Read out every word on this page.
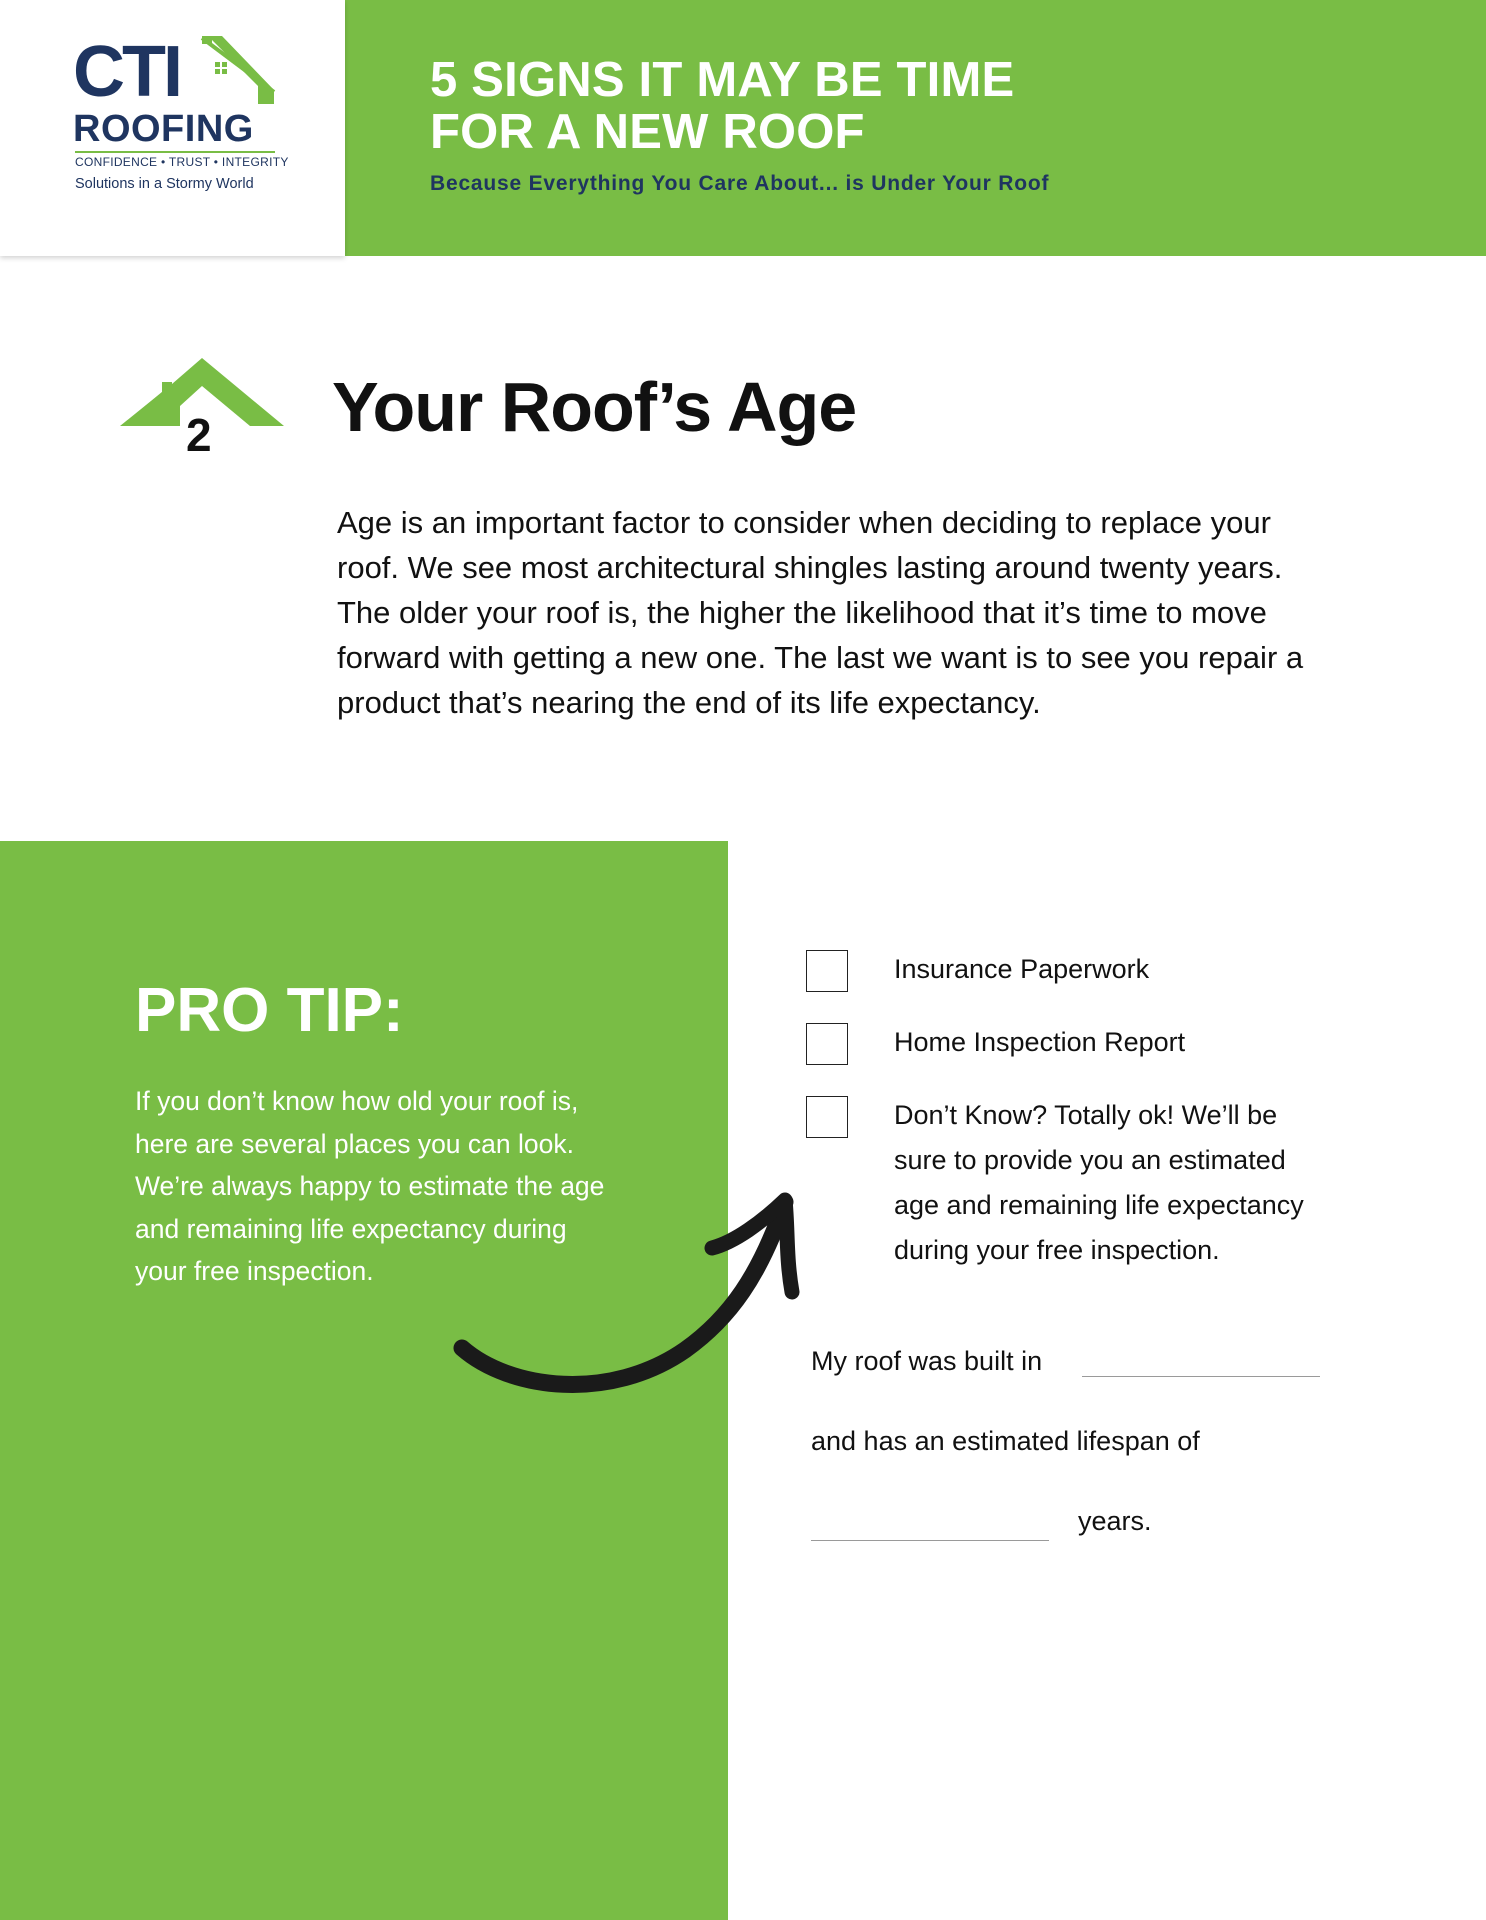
CTI
ROOFING
CONFIDENCE • TRUST • INTEGRITY
Solutions in a Stormy World
5 SIGNS IT MAY BE TIME
FOR A NEW ROOF
Because Everything You Care About... is Under Your Roof
2 Your Roof’s Age

Age is an important factor to consider when deciding to replace your roof. We see most architectural shingles lasting around twenty years. The older your roof is, the higher the likelihood that it’s time to move forward with getting a new one. The last we want is to see you repair a product that’s nearing the end of its life expectancy.

PRO TIP:

If you don’t know how old your roof is, here are several places you can look. We’re always happy to estimate the age and remaining life expectancy during your free inspection.

Insurance Paperwork
Home Inspection Report
Don’t Know? Totally ok! We’ll be sure to provide you an estimated age and remaining life expectancy during your free inspection.
My roof was built in
and has an estimated lifespan of
years.
